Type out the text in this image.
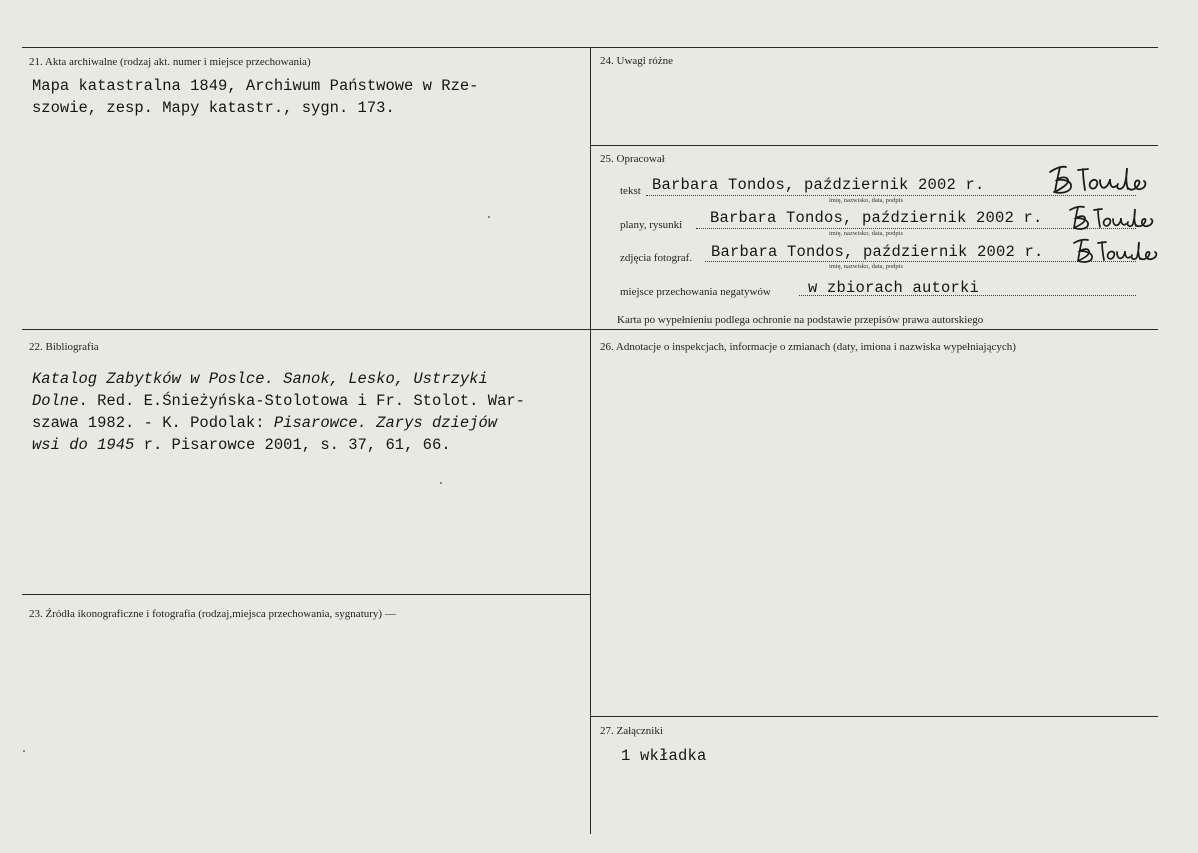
21. Akta archiwalne (rodzaj akt. numer i miejsce przechowania)
Mapa katastralna 1849, Archiwum Państwowe w Rze-
szowie, zesp. Mapy katastr., sygn. 173.
22. Bibliografia
Katalog Zabytków w Poslce. Sanok, Lesko, Ustrzyki
Dolne. Red. E.Śnieżyńska-Stolotowa i Fr. Stolot. War-
szawa 1982. - K. Podolak: Pisarowce. Zarys dziejów
wsi do 1945 r. Pisarowce 2001, s. 37, 61, 66.
23. Źródła ikonograficzne i fotografia (rodzaj,miejsca przechowania, sygnatury) —
24. Uwagi różne
25. Opracował
tekst Barbara Tondos, październik 2002 r.
imię, nazwisko, data, podpis
plany, rysunki Barbara Tondos, październik 2002 r.
imię, nazwisko, data, podpis
zdjęcia fotograf. Barbara Tondos, październik 2002 r.
imię, nazwisko, data, podpis
miejsce przechowania negatywów w zbiorach autorki
Karta po wypełnieniu podlega ochronie na podstawie przepisów prawa autorskiego
26. Adnotacje o inspekcjach, informacje o zmianach (daty, imiona i nazwiska wypełniających)
27. Załączniki
1 wkładka
